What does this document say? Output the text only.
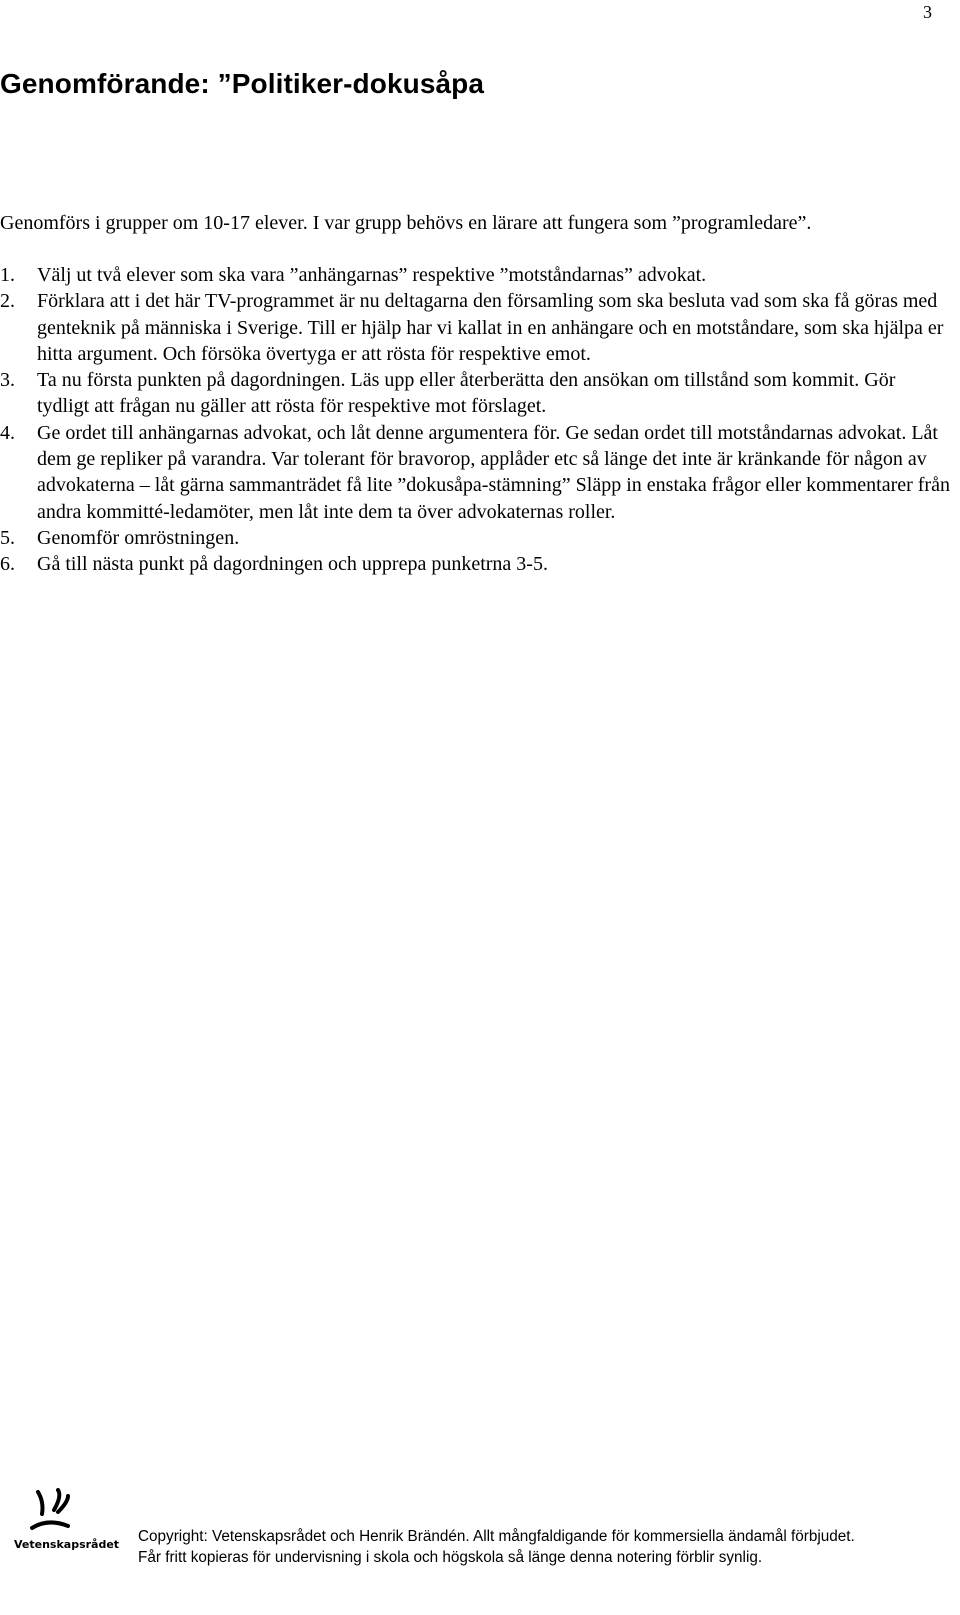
3
Genomförande: ”Politiker-dokusåpa

Genomförs i grupper om 10-17 elever. I var grupp behövs en lärare att fungera som ”programledare”.

1. Välj ut två elever som ska vara ”anhängarnas” respektive ”motståndarnas” advokat.
2. Förklara att i det här TV-programmet är nu deltagarna den församling som ska besluta vad som ska få göras med genteknik på människa i Sverige. Till er hjälp har vi kallat in en anhängare och en motståndare, som ska hjälpa er hitta argument. Och försöka övertyga er att rösta för respektive emot.
3. Ta nu första punkten på dagordningen. Läs upp eller återberätta den ansökan om tillstånd som kommit. Gör tydligt att frågan nu gäller att rösta för respektive mot förslaget.
4. Ge ordet till anhängarnas advokat, och låt denne argumentera för. Ge sedan ordet till motståndarnas advokat. Låt dem ge repliker på varandra. Var tolerant för bravorop, applåder etc så länge det inte är kränkande för någon av advokaterna – låt gärna sammanträdet få lite ”dokusåpa-stämning” Släpp in enstaka frågor eller kommentarer från andra kommitté-ledamöter, men låt inte dem ta över advokaternas roller.
5. Genomför omröstningen.
6. Gå till nästa punkt på dagordningen och upprepa punketrna 3-5.
Vetenskapsrådet Copyright: Vetenskapsrådet och Henrik Brändén. Allt mångfaldigande för kommersiella ändamål förbjudet.
Får fritt kopieras för undervisning i skola och högskola så länge denna notering förblir synlig.
